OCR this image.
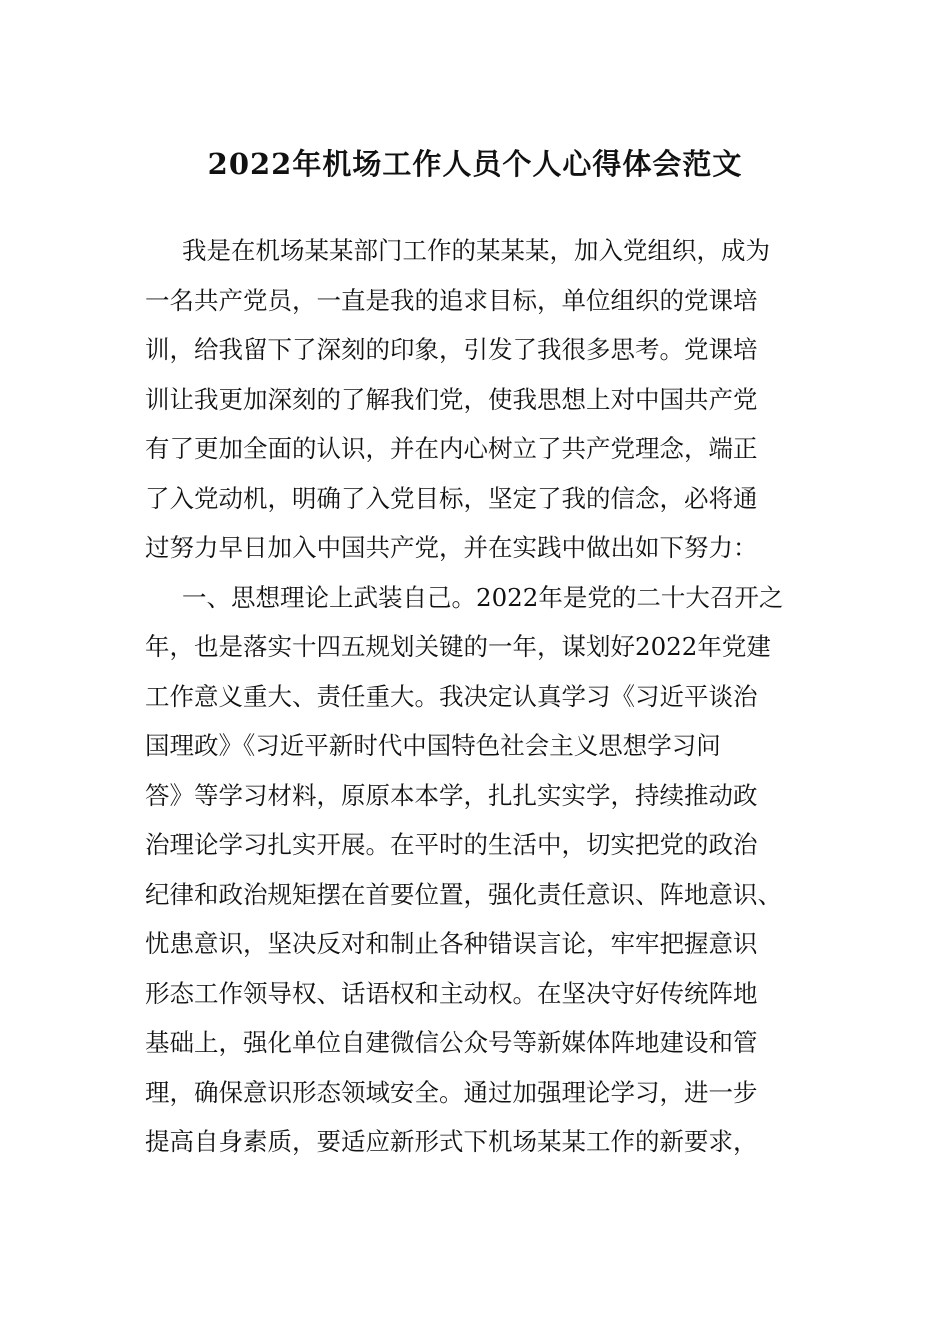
2022年机场工作人员个人心得体会范文
我是在机场某某部门工作的某某某，加入党组织，成为
一名共产党员，一直是我的追求目标，单位组织的党课培
训，给我留下了深刻的印象，引发了我很多思考。党课培
训让我更加深刻的了解我们党，使我思想上对中国共产党
有了更加全面的认识，并在内心树立了共产党理念，端正
了入党动机，明确了入党目标，坚定了我的信念，必将通
过努力早日加入中国共产党，并在实践中做出如下努力：
一、思想理论上武装自己。2022年是党的二十大召开之
年，也是落实十四五规划关键的一年，谋划好2022年党建
工作意义重大、责任重大。我决定认真学习《习近平谈治
国理政》《习近平新时代中国特色社会主义思想学习问
答》等学习材料，原原本本学，扎扎实实学，持续推动政
治理论学习扎实开展。在平时的生活中，切实把党的政治
纪律和政治规矩摆在首要位置，强化责任意识、阵地意识、
忧患意识，坚决反对和制止各种错误言论，牢牢把握意识
形态工作领导权、话语权和主动权。在坚决守好传统阵地
基础上，强化单位自建微信公众号等新媒体阵地建设和管
理，确保意识形态领域安全。通过加强理论学习，进一步
提高自身素质，要适应新形式下机场某某工作的新要求，
